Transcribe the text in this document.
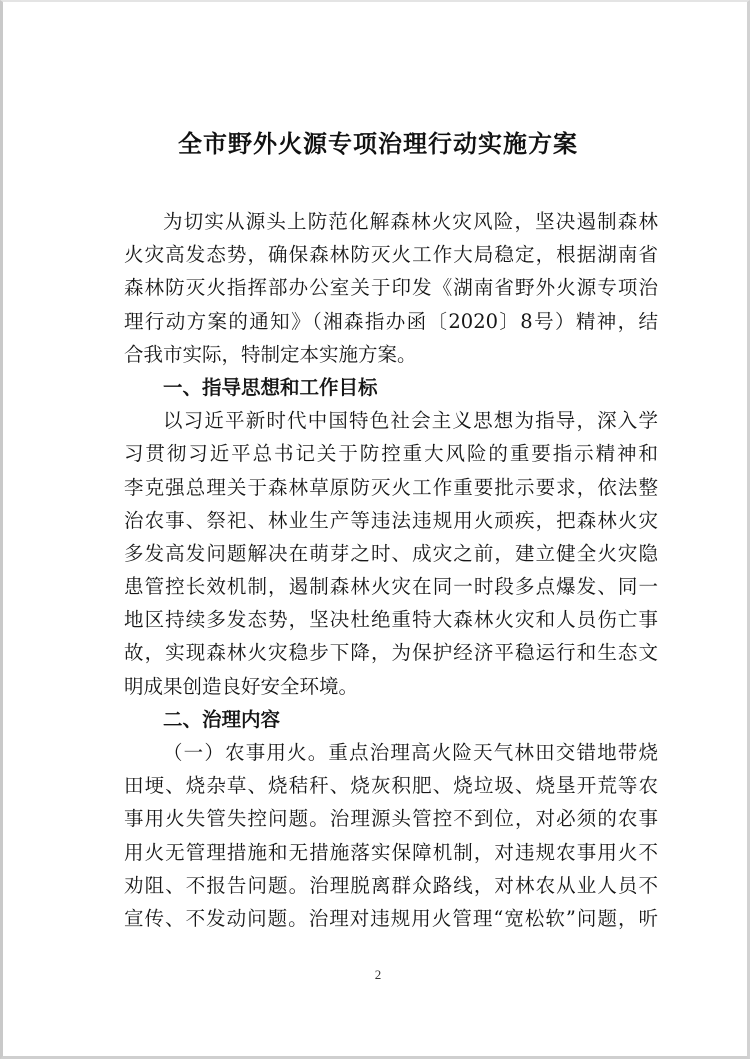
全市野外火源专项治理行动实施方案
为切实从源头上防范化解森林火灾风险，坚决遏制森林
火灾高发态势，确保森林防灭火工作大局稳定，根据湖南省
森林防灭火指挥部办公室关于印发《湖南省野外火源专项治
理行动方案的通知》（湘森指办函〔2020〕8号）精神，结
合我市实际，特制定本实施方案。
一、指导思想和工作目标
以习近平新时代中国特色社会主义思想为指导，深入学
习贯彻习近平总书记关于防控重大风险的重要指示精神和
李克强总理关于森林草原防灭火工作重要批示要求，依法整
治农事、祭祀、林业生产等违法违规用火顽疾，把森林火灾
多发高发问题解决在萌芽之时、成灾之前，建立健全火灾隐
患管控长效机制，遏制森林火灾在同一时段多点爆发、同一
地区持续多发态势，坚决杜绝重特大森林火灾和人员伤亡事
故，实现森林火灾稳步下降，为保护经济平稳运行和生态文
明成果创造良好安全环境。
二、治理内容
（一）农事用火。重点治理高火险天气林田交错地带烧
田埂、烧杂草、烧秸秆、烧灰积肥、烧垃圾、烧垦开荒等农
事用火失管失控问题。治理源头管控不到位，对必须的农事
用火无管理措施和无措施落实保障机制，对违规农事用火不
劝阻、不报告问题。治理脱离群众路线，对林农从业人员不
宣传、不发动问题。治理对违规用火管理“宽松软”问题，听
2
